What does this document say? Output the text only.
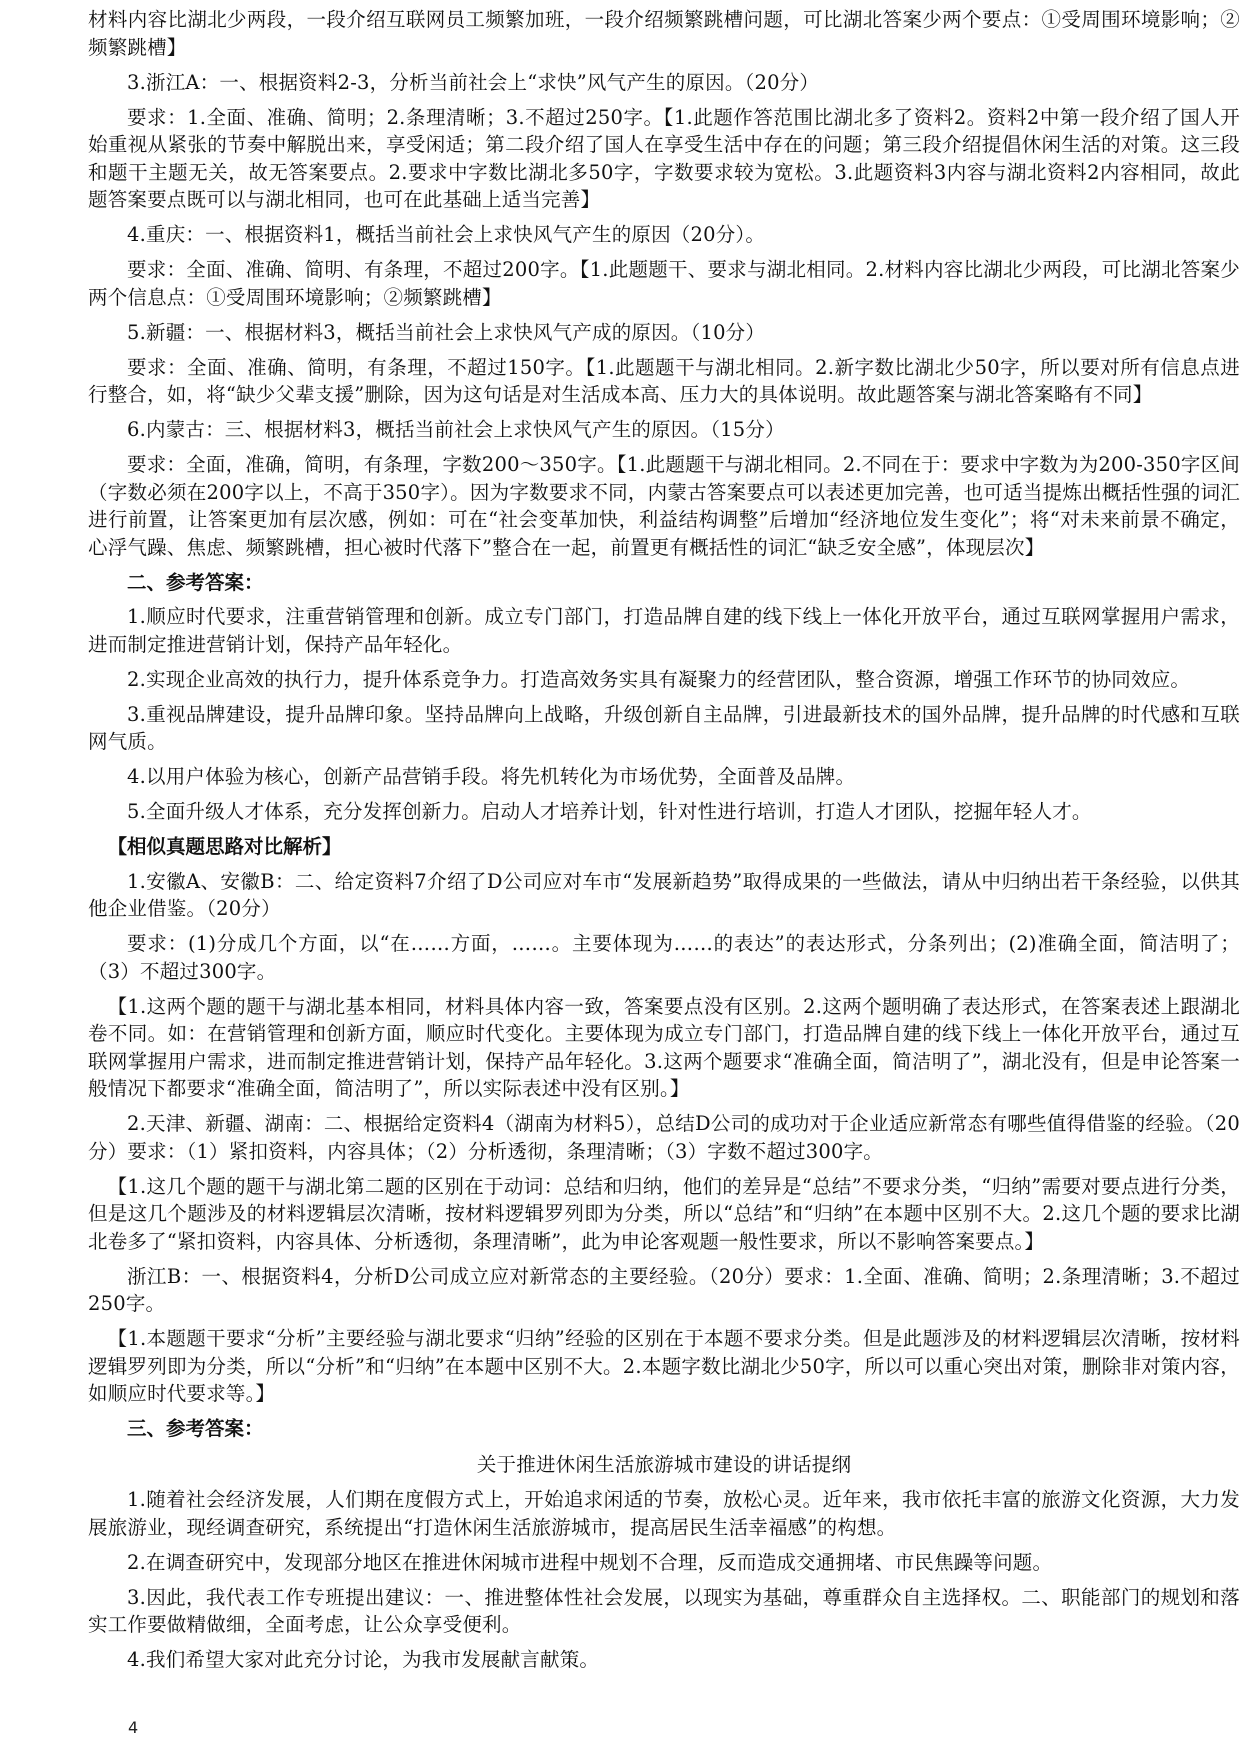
材料内容比湖北少两段，一段介绍互联网员工频繁加班，一段介绍频繁跳槽问题，可比湖北答案少两个要点：①受周围环境影响；②频繁跳槽】

3.浙江A：一、根据资料2-3，分析当前社会上“求快”风气产生的原因。（20分）

要求：1.全面、准确、简明；2.条理清晰；3.不超过250字。【1.此题作答范围比湖北多了资料2。资料2中第一段介绍了国人开始重视从紧张的节奏中解脱出来，享受闲适；第二段介绍了国人在享受生活中存在的问题；第三段介绍提倡休闲生活的对策。这三段和题干主题无关，故无答案要点。2.要求中字数比湖北多50字，字数要求较为宽松。3.此题资料3内容与湖北资料2内容相同，故此题答案要点既可以与湖北相同，也可在此基础上适当完善】

4.重庆：一、根据资料1，概括当前社会上求快风气产生的原因（20分）。

要求：全面、准确、简明、有条理，不超过200字。【1.此题题干、要求与湖北相同。2.材料内容比湖北少两段，可比湖北答案少两个信息点：①受周围环境影响；②频繁跳槽】

5.新疆：一、根据材料3，概括当前社会上求快风气产成的原因。（10分）

要求：全面、准确、简明，有条理，不超过150字。【1.此题题干与湖北相同。2.新字数比湖北少50字，所以要对所有信息点进行整合，如，将“缺少父辈支援”删除，因为这句话是对生活成本高、压力大的具体说明。故此题答案与湖北答案略有不同】

6.内蒙古：三、根据材料3，概括当前社会上求快风气产生的原因。（15分）

要求：全面，准确，简明，有条理，字数200～350字。【1.此题题干与湖北相同。2.不同在于：要求中字数为为200-350字区间（字数必须在200字以上，不高于350字）。因为字数要求不同，内蒙古答案要点可以表述更加完善，也可适当提炼出概括性强的词汇进行前置，让答案更加有层次感，例如：可在“社会变革加快，利益结构调整”后增加“经济地位发生变化”；将“对未来前景不确定，心浮气躁、焦虑、频繁跳槽，担心被时代落下”整合在一起，前置更有概括性的词汇“缺乏安全感”，体现层次】

二、参考答案：

1.顺应时代要求，注重营销管理和创新。成立专门部门，打造品牌自建的线下线上一体化开放平台，通过互联网掌握用户需求，进而制定推进营销计划，保持产品年轻化。

2.实现企业高效的执行力，提升体系竞争力。打造高效务实具有凝聚力的经营团队，整合资源，增强工作环节的协同效应。

3.重视品牌建设，提升品牌印象。坚持品牌向上战略，升级创新自主品牌，引进最新技术的国外品牌，提升品牌的时代感和互联网气质。

4.以用户体验为核心，创新产品营销手段。将先机转化为市场优势，全面普及品牌。

5.全面升级人才体系，充分发挥创新力。启动人才培养计划，针对性进行培训，打造人才团队，挖掘年轻人才。

【相似真题思路对比解析】

1.安徽A、安徽B：二、给定资料7介绍了D公司应对车市“发展新趋势”取得成果的一些做法，请从中归纳出若干条经验，以供其他企业借鉴。（20分）

要求：(1)分成几个方面，以“在……方面，……。主要体现为……的表达”的表达形式，分条列出；(2)准确全面，简洁明了；（3）不超过300字。

【1.这两个题的题干与湖北基本相同，材料具体内容一致，答案要点没有区别。2.这两个题明确了表达形式，在答案表述上跟湖北卷不同。如：在营销管理和创新方面，顺应时代变化。主要体现为成立专门部门，打造品牌自建的线下线上一体化开放平台，通过互联网掌握用户需求，进而制定推进营销计划，保持产品年轻化。3.这两个题要求“准确全面，简洁明了”，湖北没有，但是申论答案一般情况下都要求“准确全面，简洁明了”，所以实际表述中没有区别。】

2.天津、新疆、湖南：二、根据给定资料4（湖南为材料5），总结D公司的成功对于企业适应新常态有哪些值得借鉴的经验。（20分）要求：（1）紧扣资料，内容具体；（2）分析透彻，条理清晰；（3）字数不超过300字。

【1.这几个题的题干与湖北第二题的区别在于动词：总结和归纳，他们的差异是“总结”不要求分类，“归纳”需要对要点进行分类，但是这几个题涉及的材料逻辑层次清晰，按材料逻辑罗列即为分类，所以“总结”和“归纳”在本题中区别不大。2.这几个题的要求比湖北卷多了“紧扣资料，内容具体、分析透彻，条理清晰”，此为申论客观题一般性要求，所以不影响答案要点。】

浙江B：一、根据资料4，分析D公司成立应对新常态的主要经验。（20分）要求：1.全面、准确、简明；2.条理清晰；3.不超过250字。

【1.本题题干要求“分析”主要经验与湖北要求“归纳”经验的区别在于本题不要求分类。但是此题涉及的材料逻辑层次清晰，按材料逻辑罗列即为分类，所以“分析”和“归纳”在本题中区别不大。2.本题字数比湖北少50字，所以可以重心突出对策，删除非对策内容，如顺应时代要求等。】

三、参考答案：

关于推进休闲生活旅游城市建设的讲话提纲

1.随着社会经济发展，人们期在度假方式上，开始追求闲适的节奏，放松心灵。近年来，我市依托丰富的旅游文化资源，大力发展旅游业，现经调查研究，系统提出“打造休闲生活旅游城市，提高居民生活幸福感”的构想。

2.在调查研究中，发现部分地区在推进休闲城市进程中规划不合理，反而造成交通拥堵、市民焦躁等问题。

3.因此，我代表工作专班提出建议：一、推进整体性社会发展，以现实为基础，尊重群众自主选择权。二、职能部门的规划和落实工作要做精做细，全面考虑，让公众享受便利。

4.我们希望大家对此充分讨论，为我市发展献言献策。

4
